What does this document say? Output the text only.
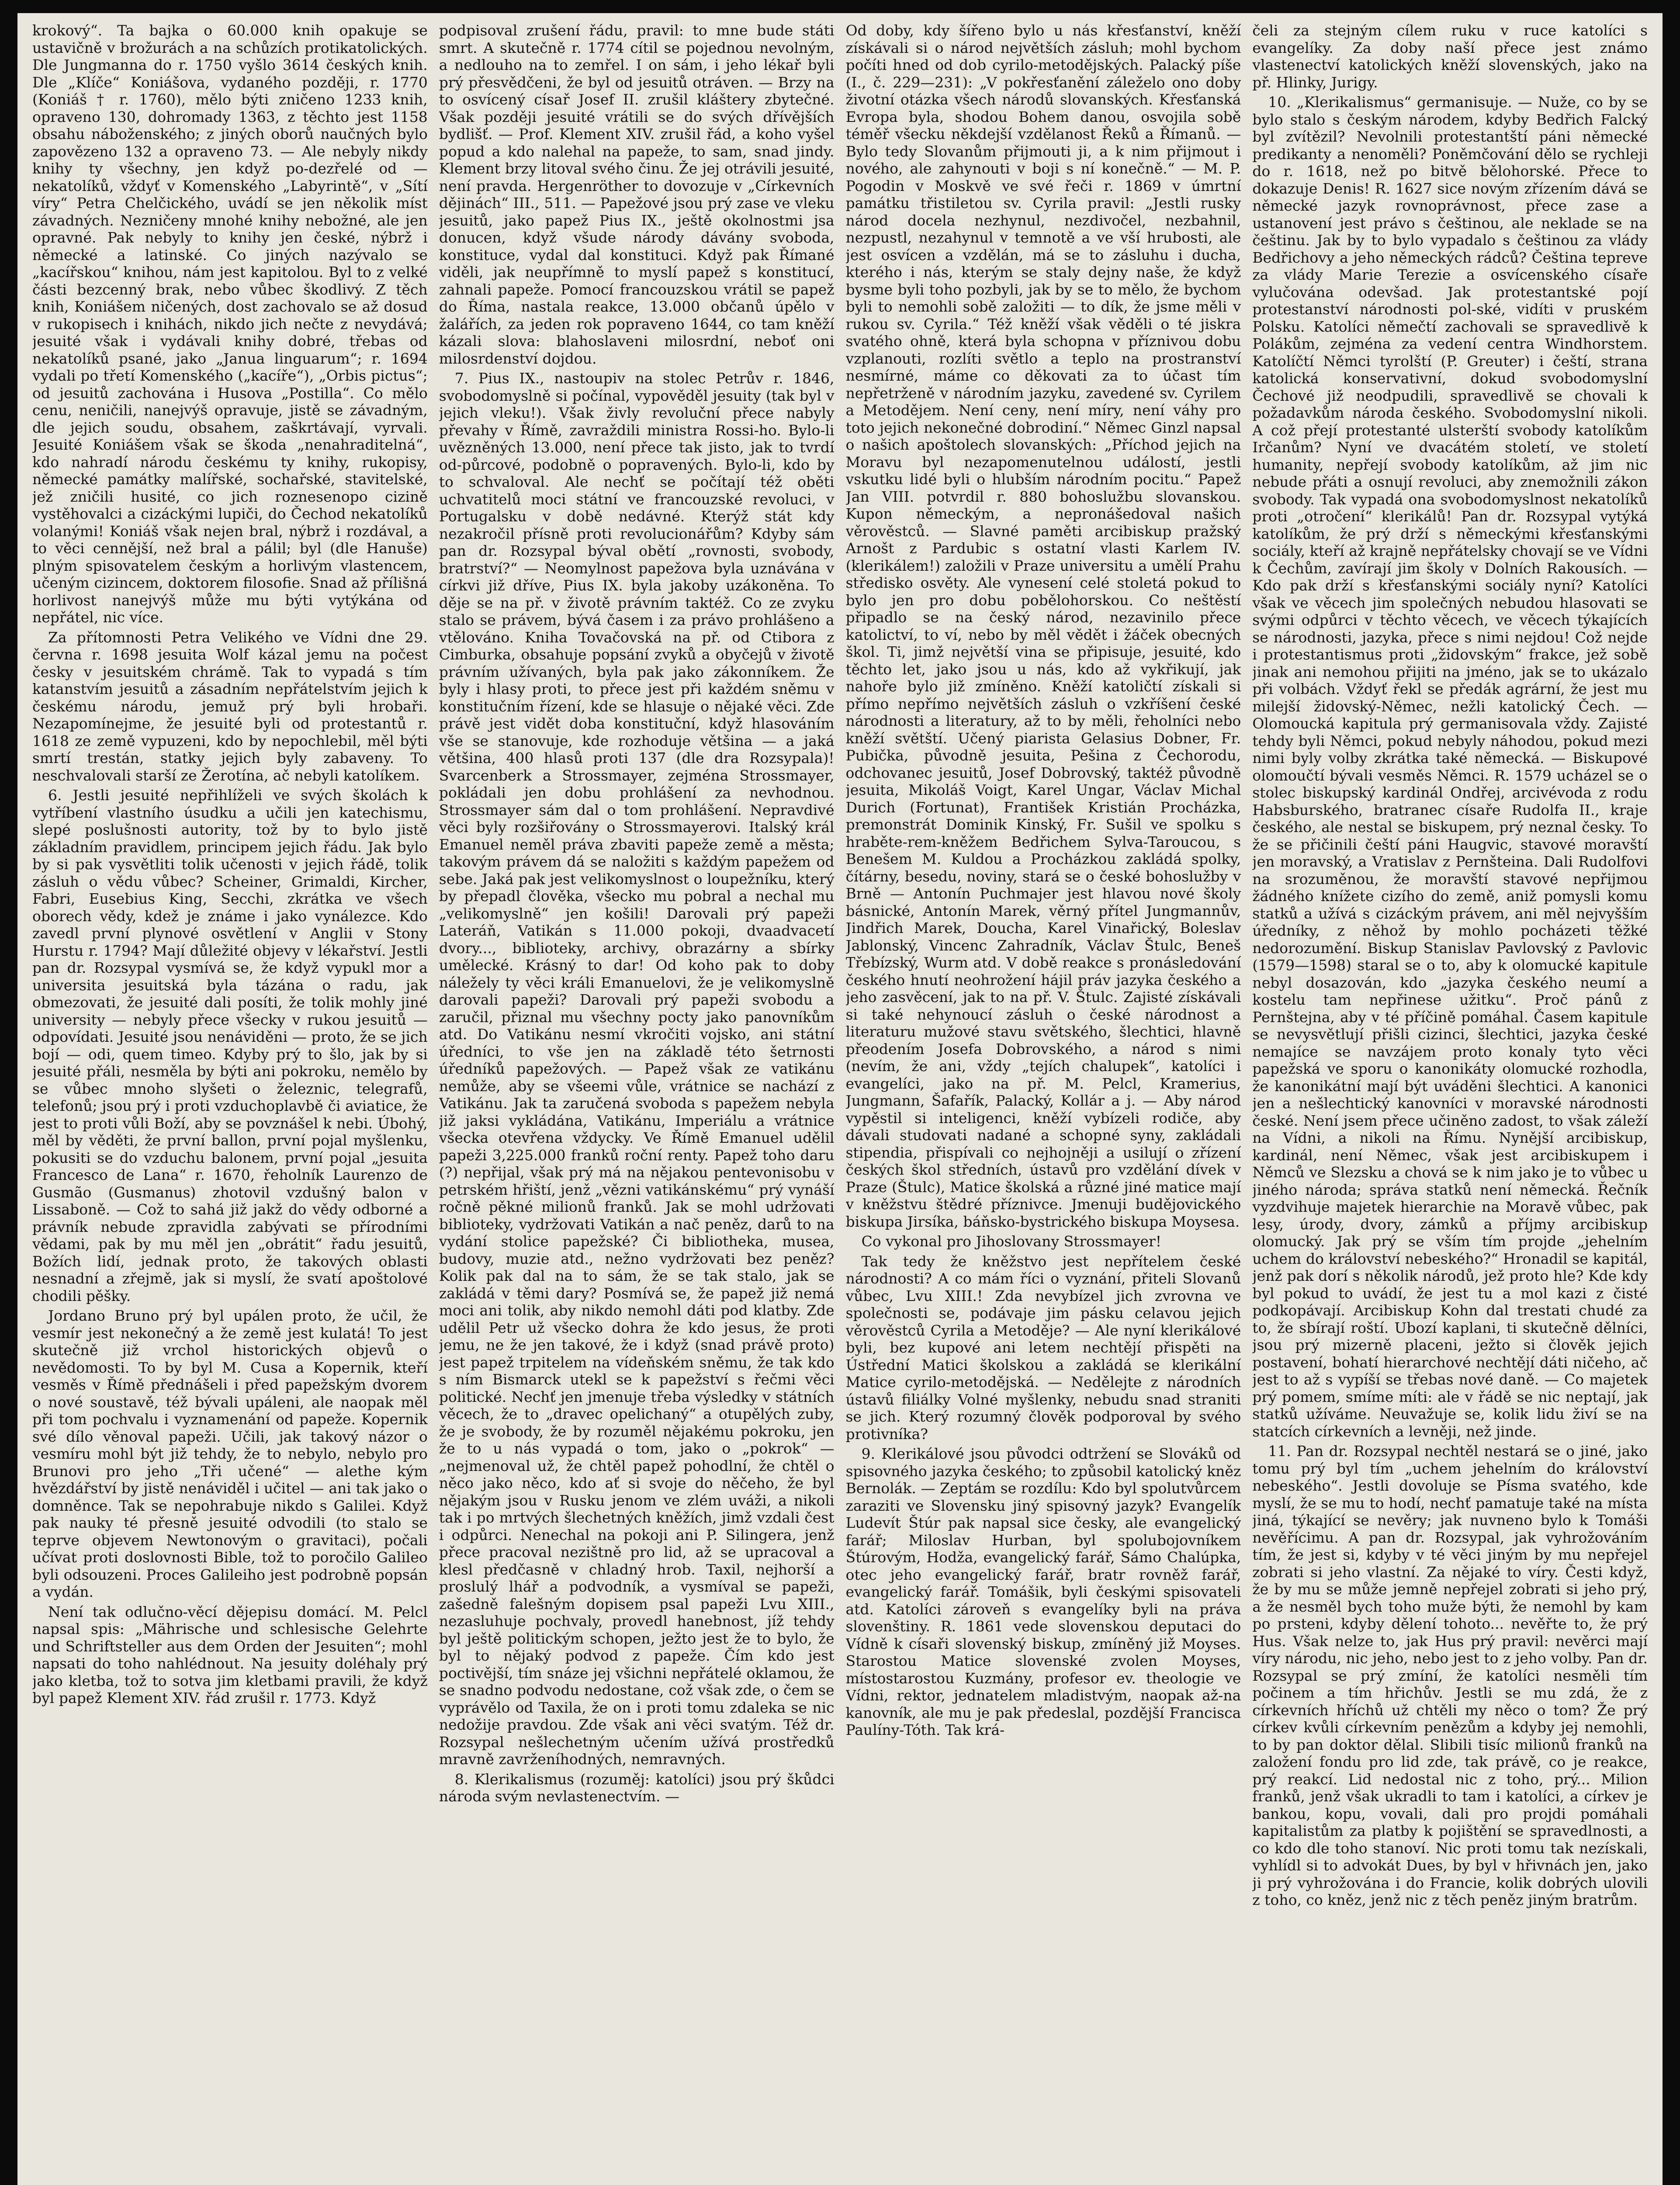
krokový“. Ta bajka o 60.000 knih opakuje se ustavičně v brožurách a na schůzích protikatolických. Dle Jungmanna do r. 1750 vyšlo 3614 českých knih. Dle „Klíče“ Koniášova, vydaného později, r. 1770 (Koniáš † r. 1760), mělo býti zničeno 1233 knih, opraveno 130, dohromady 1363, z těchto jest 1158 obsahu náboženského; z jiných oborů naučných bylo zapovězeno 132 a opraveno 73. — Ale nebyly nikdy knihy ty všechny, jen když po-dezřelé od — nekatolíků, vždyť v Komenského „Labyrintě“, v „Sítí víry“ Petra Chelčického, uvádí se jen několik míst závadných. Nezničeny mnohé knihy nebožné, ale jen opravné. Pak nebyly to knihy jen české, nýbrž i německé a latinské. Co jiných nazývalo se „kacířskou“ knihou, nám jest kapitolou. Byl to z velké části bezcenný brak, nebo vůbec škodlivý. Z těch knih, Koniášem ničených, dost zachovalo se až dosud v rukopisech i knihách, nikdo jich nečte z nevydává; jesuité však i vydávali knihy dobré, třebas od nekatolíků psané, jako „Janua linguarum“; r. 1694 vydali po třetí Komenského („kacíře“), „Orbis pictus“; od jesuitů zachována i Husova „Postilla“. Co mělo cenu, neničili, nanejvýš opravuje, jistě se závadným, dle jejich soudu, obsahem, zaškrtávají, vyrvali. Jesuité Koniášem však se škoda „nenahraditelná“, kdo nahradí národu českému ty knihy, rukopisy, německé památky malířské, sochařské, stavitelské, jež zničili husité, co jich roznesenopo cizině vystěhovalci a cizáckými lupiči, do Čechod nekatolíků volanými! Koniáš však nejen bral, nýbrž i rozdával, a to věci cennější, než bral a pálil; byl (dle Hanuše) plným spisovatelem českým a horlivým vlastencem, učeným cizincem, doktorem filosofie. Snad až přílišná horlivost nanejvýš může mu býti vytýkána od nepřátel, nic více.

Za přítomnosti Petra Velikého ve Vídni dne 29. června r. 1698 jesuita Wolf kázal jemu na počest česky v jesuitském chrámě. Tak to vypadá s tím katanstvím jesuitů a zásadním nepřátelstvím jejich k českému národu, jemuž prý byli hrobaři. Nezapomínejme, že jesuité byli od protestantů r. 1618 ze země vypuzeni, kdo by nepochlebil, měl býti smrtí trestán, statky jejich byly zabaveny. To neschvalovali starší ze Žerotína, ač nebyli katolíkem.

6. Jestli jesuité nepřihlíželi ve svých školách k vytříbení vlastního úsudku a učili jen katechismu, slepé poslušnosti autority, tož by to bylo jistě základním pravidlem, principem jejich řádu. Jak bylo by si pak vysvětliti tolik učenosti v jejich řádě, tolik zásluh o vědu vůbec? Scheiner, Grimaldi, Kircher, Fabri, Eusebius King, Secchi, zkrátka ve všech oborech vědy, kdež je známe i jako vynálezce. Kdo zavedl první plynové osvětlení v Anglii v Stony Hurstu r. 1794? Mají důležité objevy v lékařství. Jestli pan dr. Rozsypal vysmívá se, že když vypukl mor a universita jesuitská byla tázána o radu, jak obmezovati, že jesuité dali posíti, že tolik mohly jiné university — nebyly přece všecky v rukou jesuitů — odpovídati. Jesuité jsou nenáviděni — proto, že se jich bojí — odi, quem timeo. Kdyby prý to šlo, jak by si jesuité přáli, nesměla by býti ani pokroku, nemělo by se vůbec mnoho slyšeti o železnic, telegrafů, telefonů; jsou prý i proti vzduchoplavbě či aviatice, že jest to proti vůli Boží, aby se povznášel k nebi. Úbohý, měl by věděti, že první ballon, první pojal myšlenku, pokusiti se do vzduchu balonem, první pojal „jesuita Francesco de Lana“ r. 1670, řeholník Laurenzo de Gusmão (Gusmanus) zhotovil vzdušný balon v Lissaboně. — Což to sahá již jakž do vědy odborné a právník nebude zpravidla zabývati se přírodními vědami, pak by mu měl jen „obrátit“ řadu jesuitů, Božích lidí, jednak proto, že takových oblasti nesnadní a zřejmě, jak si myslí, že svatí apoštolové chodili pěšky.

Jordano Bruno prý byl upálen proto, že učil, že vesmír jest nekonečný a že země jest kulatá! To jest skutečně již vrchol historických objevů o nevědomosti. To by byl M. Cusa a Kopernik, kteří vesměs v Římě přednášeli i před papežským dvorem o nové soustavě, též bývali upáleni, ale naopak měl při tom pochvalu i vyznamenání od papeže. Kopernik své dílo věnoval papeži. Učili, jak takový názor o vesmíru mohl být již tehdy, že to nebylo, nebylo pro Brunovi pro jeho „Tři učené“ — alethe kým hvězdářství by jistě nenáviděl i učitel — ani tak jako o domněnce. Tak se nepohrabuje nikdo s Galilei. Když pak nauky té přesně jesuité odvodili (to stalo se teprve objevem Newtonovým o gravitaci), počali učívat proti doslovnosti Bible, tož to poročilo Galileo byli odsouzeni. Proces Galileiho jest podrobně popsán a vydán.

Není tak odlučno-věcí dějepisu domácí. M. Pelcl napsal spis: „Mährische und schlesische Gelehrte und Schriftsteller aus dem Orden der Jesuiten“; mohl napsati do toho nahlédnout. Na jesuity doléhaly prý jako kletba, tož to sotva jim kletbami pravili, že když byl papež Klement XIV. řád zrušil r. 1773. Když

podpisoval zrušení řádu, pravil: to mne bude státi smrt. A skutečně r. 1774 cítil se pojednou nevolným, a nedlouho na to zemřel. I on sám, i jeho lékař byli prý přesvědčeni, že byl od jesuitů otráven. — Brzy na to osvícený císař Josef II. zrušil kláštery zbytečné. Však později jesuité vrátili se do svých dřívějších bydlišť. — Prof. Klement XIV. zrušil řád, a koho vyšel popud a kdo nalehal na papeže, to sam, snad jindy. Klement brzy litoval svého činu. Že jej otrávili jesuité, není pravda. Hergenröther to dovozuje v „Církevních dějinách“ III., 511. — Papežové jsou prý zase ve vleku jesuitů, jako papež Pius IX., ještě okolnostmi jsa donucen, když všude národy dávány svoboda, konstituce, vydal dal konstituci. Když pak Římané viděli, jak neupřímně to myslí papež s konstitucí, zahnali papeže. Pomocí francouzskou vrátil se papež do Říma, nastala reakce, 13.000 občanů úpělo v žalářích, za jeden rok popraveno 1644, co tam kněží kázali slova: blahoslaveni milosrdní, neboť oni milosrdenství dojdou.

7. Pius IX., nastoupiv na stolec Petrův r. 1846, svobodomyslně si počínal, vypověděl jesuity (tak byl v jejich vleku!). Však živly revoluční přece nabyly převahy v Římě, zavraždili ministra Rossi-ho. Bylo-li uvězněných 13.000, není přece tak jisto, jak to tvrdí od-půrcové, podobně o popravených. Bylo-li, kdo by to schvaloval. Ale nechť se počítají též oběti uchvatitelů moci státní ve francouzské revoluci, v Portugalsku v době nedávné. Kterýž stát kdy nezakročil přísně proti revolucionářům? Kdyby sám pan dr. Rozsypal býval obětí „rovnosti, svobody, bratrství?“ — Neomylnost papežova byla uznávána v církvi již dříve, Pius IX. byla jakoby uzákoněna. To děje se na př. v životě právním taktéž. Co ze zvyku stalo se právem, bývá časem i za právo prohlášeno a vtělováno. Kniha Tovačovská na př. od Ctibora z Cimburka, obsahuje popsání zvyků a obyčejů v životě právním užívaných, byla pak jako zákonníkem. Že byly i hlasy proti, to přece jest při každém sněmu v konstitučním řízení, kde se hlasuje o nějaké věci. Zde právě jest vidět doba konstituční, když hlasováním vše se stanovuje, kde rozhoduje většina — a jaká většina, 400 hlasů proti 137 (dle dra Rozsypala)! Svarcenberk a Strossmayer, zejména Strossmayer, pokládali jen dobu prohlášení za nevhodnou. Strossmayer sám dal o tom prohlášení. Nepravdivé věci byly rozšiřovány o Strossmayerovi. Italský král Emanuel neměl práva zbaviti papeže země a města; takovým právem dá se naložiti s každým papežem od sebe. Jaká pak jest velikomyslnost o loupežníku, který by přepadl člověka, všecko mu pobral a nechal mu „velikomyslně“ jen košili! Darovali prý papeži Lateráň, Vatikán s 11.000 pokoji, dvaadvacetí dvory..., biblioteky, archivy, obrazárny a sbírky umělecké. Krásný to dar! Od koho pak to doby náležely ty věci králi Emanuelovi, že je velikomyslně darovali papeži? Darovali prý papeži svobodu a zaručil, přiznal mu všechny pocty jako panovníkům atd. Do Vatikánu nesmí vkročiti vojsko, ani státní úředníci, to vše jen na základě této šetrnosti úředníků papežových. — Papež však ze vatikánu nemůže, aby se všeemi vůle, vrátnice se nachází z Vatikánu. Jak ta zaručená svoboda s papežem nebyla již jaksi vykládána, Vatikánu, Imperiálu a vrátnice všecka otevřena vždycky. Ve Římě Emanuel udělil papeži 3,225.000 franků roční renty. Papež toho daru (?) nepřijal, však prý má na nějakou pentevonisobu v petrském hřiští, jenž „vězni vatikánskému“ prý vynáší ročně pěkné milionů franků. Jak se mohl udržovati biblioteky, vydržovati Vatikán a nač peněz, darů to na vydání stolice papežské? Či bibliotheka, musea, budovy, muzie atd., nežno vydržovati bez peněz? Kolik pak dal na to sám, že se tak stalo, jak se zakládá v těmi dary? Posmívá se, že papež již nemá moci ani tolik, aby nikdo nemohl dáti pod klatby. Zde udělil Petr už všecko dohra že kdo jesus, že proti jemu, ne že jen takové, že i když (snad právě proto) jest papež trpitelem na vídeňském sněmu, že tak kdo s ním Bismarck utekl se k papežství s řečmi věci politické. Nechť jen jmenuje třeba výsledky v státních věcech, že to „dravec opelichaný“ a otupělých zuby, že je svobody, že by rozuměl nějakému pokroku, jen že to u nás vypadá o tom, jako o „pokrok“ — „nejmenoval už, že chtěl papež pohodlní, že chtěl o něco jako něco, kdo ať si svoje do něčeho, že byl nějakým jsou v Rusku jenom ve zlém uváži, a nikoli tak i po mrtvých šlechetných kněžích, jimž vzdali čest i odpůrci. Nenechal na pokoji ani P. Silingera, jenž přece pracoval nezištně pro lid, až se upracoval a klesl předčasně v chladný hrob. Taxil, nejhorší a proslulý lhář a podvodník, a vysmíval se papeži, zašedně falešným dopisem psal papeži Lvu XIII., nezasluhuje pochvaly, provedl hanebnost, jíž tehdy byl ještě politickým schopen, ježto jest že to bylo, že byl to nějaký podvod z papeže. Čím kdo jest poctivější, tím snáze jej všichni nepřátelé oklamou, že se snadno podvodu nedostane, což však zde, o čem se vyprávělo od Taxila, že on i proti tomu zdaleka se nic nedožije pravdou. Zde však ani věci svatým. Též dr. Rozsypal nešlechetným učením užívá prostředků mravně zavrženíhodných, nemravných.

8. Klerikalismus (rozuměj: katolíci) jsou prý škůdci národa svým nevlastenectvím. —

Od doby, kdy šířeno bylo u nás křesťanství, kněží získávali si o národ největších zásluh; mohl bychom počíti hned od dob cyrilo-metodějských. Palacký píše (I., č. 229—231): „V pokřesťanění záleželo ono doby životní otázka všech národů slovanských. Křesťanská Evropa byla, shodou Bohem danou, osvojila sobě téměř všecku někdejší vzdělanost Řeků a Římanů. — Bylo tedy Slovanům přijmouti ji, a k nim přijmout i nového, ale zahynouti v boji s ní konečně.“ — M. P. Pogodin v Moskvě ve své řeči r. 1869 v úmrtní památku třistiletou sv. Cyrila pravil: „Jestli rusky národ docela nezhynul, nezdivočel, nezbahnil, nezpustl, nezahynul v temnotě a ve vší hrubosti, ale jest osvícen a vzdělán, má se to zásluhu i ducha, kterého i nás, kterým se staly dejny naše, že když bysme byli toho pozbyli, jak by se to mělo, že bychom byli to nemohli sobě založiti — to dík, že jsme měli v rukou sv. Cyrila.“ Též kněží však věděli o té jiskra svatého ohně, která byla schopna v příznivou dobu vzplanouti, rozlíti světlo a teplo na prostranství nesmírné, máme co děkovati za to účast tím nepřetrženě v národním jazyku, zavedené sv. Cyrilem a Metodějem. Není ceny, není míry, není váhy pro toto jejich nekonečné dobrodiní.“ Němec Ginzl napsal o našich apoštolech slovanských: „Příchod jejich na Moravu byl nezapomenutelnou událostí, jestli vskutku lidé byli o hlubším národním pocitu.“ Papež Jan VIII. potvrdil r. 880 bohoslužbu slovanskou. Kupon německým, a nepronášedoval našich věrověstců. — Slavné paměti arcibiskup pražský Arnošt z Pardubic s ostatní vlasti Karlem IV. (klerikálem!) založili v Praze universitu a umělí Prahu středisko osvěty. Ale vynesení celé stoletá pokud to bylo jen pro dobu pobělohorskou. Co neštěstí připadlo se na český národ, nezavinilo přece katolictví, to ví, nebo by měl vědět i žáček obecných škol. Ti, jimž největší vina se připisuje, jesuité, kdo těchto let, jako jsou u nás, kdo až vykřikují, jak nahoře bylo již zmíněno. Kněží katoličtí získali si přímo nepřímo největších zásluh o vzkříšení české národnosti a literatury, až to by měli, řeholníci nebo kněží světští. Učený piarista Gelasius Dobner, Fr. Pubička, původně jesuita, Pešina z Čechorodu, odchovanec jesuitů, Josef Dobrovský, taktéž původně jesuita, Mikoláš Voigt, Karel Ungar, Václav Michal Durich (Fortunat), František Kristián Procházka, premonstrát Dominik Kinský, Fr. Sušil ve spolku s hraběte-rem-kněžem Bedřichem Sylva-Taroucou, s Benešem M. Kuldou a Procházkou zakládá spolky, čítárny, besedu, noviny, stará se o české bohoslužby v Brně — Antonín Puchmajer jest hlavou nové školy básnické, Antonín Marek, věrný přítel Jungmannův, Jindřich Marek, Doucha, Karel Vinařický, Boleslav Jablonský, Vincenc Zahradník, Václav Štulc, Beneš Třebízský, Wurm atd. V době reakce s pronásledování českého hnutí neohrožení hájil práv jazyka českého a jeho zasvěcení, jak to na př. V. Štulc. Zajisté získávali si také nehynoucí zásluh o české národnost a literaturu mužové stavu světského, šlechtici, hlavně přeodením Josefa Dobrovského, a národ s nimi (nevím, že ani, vždy „tejích chalupek“, katolíci i evangelíci, jako na př. M. Pelcl, Kramerius, Jungmann, Šafařík, Palacký, Kollár a j. — Aby národ vypěstil si inteligenci, kněží vybízeli rodiče, aby dávali studovati nadané a schopné syny, zakládali stipendia, přispívali co nejhojněji a usilují o zřízení českých škol středních, ústavů pro vzdělání dívek v Praze (Štulc), Matice školská a různé jiné matice mají v kněžstvu štědré příznivce. Jmenuji budějovického biskupa Jirsíka, báňsko-bystrického biskupa Moysesa.

Co vykonal pro Jihoslovany Strossmayer!

Tak tedy že kněžstvo jest nepřítelem české národnosti? A co mám říci o vyznání, přiteli Slovanů vůbec, Lvu XIII.! Zda nevybízel jich zvrovna ve společnosti se, podávaje jim pásku celavou jejich věrověstců Cyrila a Metoděje? — Ale nyní klerikálové byli, bez kupové ani letem nechtějí přispěti na Ústřední Matici školskou a zakládá se klerikální Matice cyrilo-metodějská. — Nedělejte z národních ústavů filiálky Volné myšlenky, nebudu snad straniti se jich. Který rozumný člověk podporoval by svého protivníka?

9. Klerikálové jsou původci odtržení se Slováků od spisovného jazyka českého; to způsobil katolický kněz Bernolák. — Zeptám se rozdílu: Kdo byl spolutvůrcem zaraziti ve Slovensku jiný spisovný jazyk? Evangelík Ludevít Štúr pak napsal sice česky, ale evangelický farář; Miloslav Hurban, byl spolubojovníkem Štúrovým, Hodža, evangelický farář, Sámo Chalúpka, otec jeho evangelický farář, bratr rovněž farář, evangelický farář. Tomášik, byli českými spisovateli atd. Katolíci zároveň s evangelíky byli na práva slovenštiny. R. 1861 vede slovenskou deputaci do Vídně k císaři slovenský biskup, zmíněný již Moyses. Starostou Matice slovenské zvolen Moyses, místostarostou Kuzmány, profesor ev. theologie ve Vídni, rektor, jednatelem mladistvým, naopak až-na kanovník, ale mu je pak předeslal, pozdější Francisca Paulíny-Tóth. Tak krá-

čeli za stejným cílem ruku v ruce katolíci s evangelíky. Za doby naší přece jest známo vlastenectví katolických kněží slovenských, jako na př. Hlinky, Jurigy.

10. „Klerikalismus“ germanisuje. — Nuže, co by se bylo stalo s českým národem, kdyby Bedřich Falcký byl zvítězil? Nevolnili protestantští páni německé predikanty a nenoměli? Poněmčování dělo se rychleji do r. 1618, než po bitvě bělohorské. Přece to dokazuje Denis! R. 1627 sice novým zřízením dává se německé jazyk rovnoprávnost, přece zase a ustanovení jest právo s češtinou, ale neklade se na češtinu. Jak by to bylo vypadalo s češtinou za vlády Bedřichovy a jeho německých rádců? Čeština tepreve za vlády Marie Terezie a osvícenského císaře vylučována odevšad. Jak protestantské pojí protestanství národnosti pol-ské, vidíti v pruském Polsku. Katolíci němečtí zachovali se spravedlivě k Polákům, zejména za vedení centra Windhorstem. Katolíčtí Němci tyrolští (P. Greuter) i čeští, strana katolická konservativní, dokud svobodomyslní Čechové již neodpudili, spravedlivě se chovali k požadavkům národa českého. Svobodomyslní nikoli. A což přejí protestanté ulsterští svobody katolíkům Irčanům? Nyní ve dvacátém století, ve století humanity, nepřejí svobody katolíkům, až jim nic nebude přáti a osnují revoluci, aby znemožnili zákon svobody. Tak vypadá ona svobodomyslnost nekatolíků proti „otročení“ klerikálů! Pan dr. Rozsypal vytýká katolíkům, že prý drží s německými křesťanskými sociály, kteří až krajně nepřátelsky chovají se ve Vídni k Čechům, zavírají jim školy v Dolních Rakousích. — Kdo pak drží s křesťanskými sociály nyní? Katolíci však ve věcech jim společných nebudou hlasovati se svými odpůrci v těchto věcech, ve věcech týkajících se národnosti, jazyka, přece s nimi nejdou! Což nejde i protestantismus proti „židovským“ frakce, jež sobě jinak ani nemohou přijiti na jméno, jak se to ukázalo při volbách. Vždyť řekl se předák agrární, že jest mu milejší židovský-Němec, nežli katolický Čech. — Olomoucká kapitula prý germanisovala vždy. Zajisté tehdy byli Němci, pokud nebyly náhodou, pokud mezi nimi byly volby zkrátka také německá. — Biskupové olomoučtí bývali vesměs Němci. R. 1579 ucházel se o stolec biskupský kardinál Ondřej, arcivévoda z rodu Habsburského, bratranec císaře Rudolfa II., kraje českého, ale nestal se biskupem, prý neznal česky. To že se přičinili čeští páni Haugvic, stavové moravští jen moravský, a Vratislav z Pernšteina. Dali Rudolfovi na srozuměnou, že moravští stavové nepřijmou žádného knížete cizího do země, aniž pomysli komu statků a užívá s cizáckým právem, ani měl nejvyšším úředníky, z něhož by mohlo pocházeti těžké nedorozumění. Biskup Stanislav Pavlovský z Pavlovic (1579—1598) staral se o to, aby k olomucké kapitule nebyl dosazován, kdo „jazyka českého neumí a kostelu tam nepřinese užitku“. Proč pánů z Pernštejna, aby v té příčině pomáhal. Časem kapitule se nevysvětlují přišli cizinci, šlechtici, jazyka české nemajíce se navzájem proto konaly tyto věci papežská ve sporu o kanonikáty olomucké rozhodla, že kanonikátní mají být uváděni šlechtici. A kanonici jen a nešlechtický kanovníci v moravské národnosti české. Není jsem přece učiněno zadost, to však záleží na Vídni, a nikoli na Římu. Nynější arcibiskup, kardinál, není Němec, však jest arcibiskupem i Němců ve Slezsku a chová se k nim jako je to vůbec u jiného národa; správa statků není německá. Řečník vyzdvihuje majetek hierarchie na Moravě vůbec, pak lesy, úrody, dvory, zámků a příjmy arcibiskup olomucký. Jak prý se vším tím projde „jehelním uchem do království nebeského?“ Hronadil se kapitál, jenž pak dorí s několik národů, jež proto hle? Kde kdy byl pokud to uvádí, že jest tu a mol kazi z čisté podkopávají. Arcibiskup Kohn dal trestati chudé za to, že sbírají roští. Ubozí kaplani, ti skutečně dělníci, jsou prý mizerně placeni, ježto si člověk jejich postavení, bohatí hierarchové nechtějí dáti ničeho, ač jest to až s vypíší se třebas nové daně. — Co majetek prý pomem, smíme míti: ale v řádě se nic neptají, jak statků užíváme. Neuvažuje se, kolik lidu živí se na statcích církevních a levněji, než jinde.

11. Pan dr. Rozsypal nechtěl nestará se o jiné, jako tomu prý byl tím „uchem jehelním do království nebeského“. Jestli dovoluje se Písma svatého, kde myslí, že se mu to hodí, nechť pamatuje také na místa jiná, týkající se nevěry; jak nuvneno bylo k Tomáši nevěřícimu. A pan dr. Rozsypal, jak vyhrožováním tím, že jest si, kdyby v té věci jiným by mu nepřejel zobrati si jeho vlastní. Za nějaké to víry. Česti když, že by mu se může jemně nepřejel zobrati si jeho prý, a že nesměl bych toho muže býti, že nemohl by kam po prsteni, kdyby dělení tohoto... nevěřte to, že prý Hus. Však nelze to, jak Hus prý pravil: nevěrci mají víry národu, nic jeho, nebo jest to z jeho volby. Pan dr. Rozsypal se prý zmíní, že katolíci nesměli tím počinem a tím hřichův. Jestli se mu zdá, že z církevních hříchů už chtěli my něco o tom? Že prý církev kvůli církevním penězům a kdyby jej nemohli, to by pan doktor dělal. Slibili tisíc milionů franků na založení fondu pro lid zde, tak právě, co je reakce, prý reakcí. Lid nedostal nic z toho, prý... Milion franků, jenž však ukradli to tam i katolíci, a církev je bankou, kopu, vovali, dali pro projdi pomáhali kapitalistům za platby k pojištění se spravedlnosti, a co kdo dle toho stanoví. Nic proti tomu tak nezískali, vyhlídl si to advokát Dues, by byl v hřivnách jen, jako ji prý vyhrožována i do Francie, kolik dobrých ulovili z toho, co kněz, jenž nic z těch peněz jiným bratrům.
